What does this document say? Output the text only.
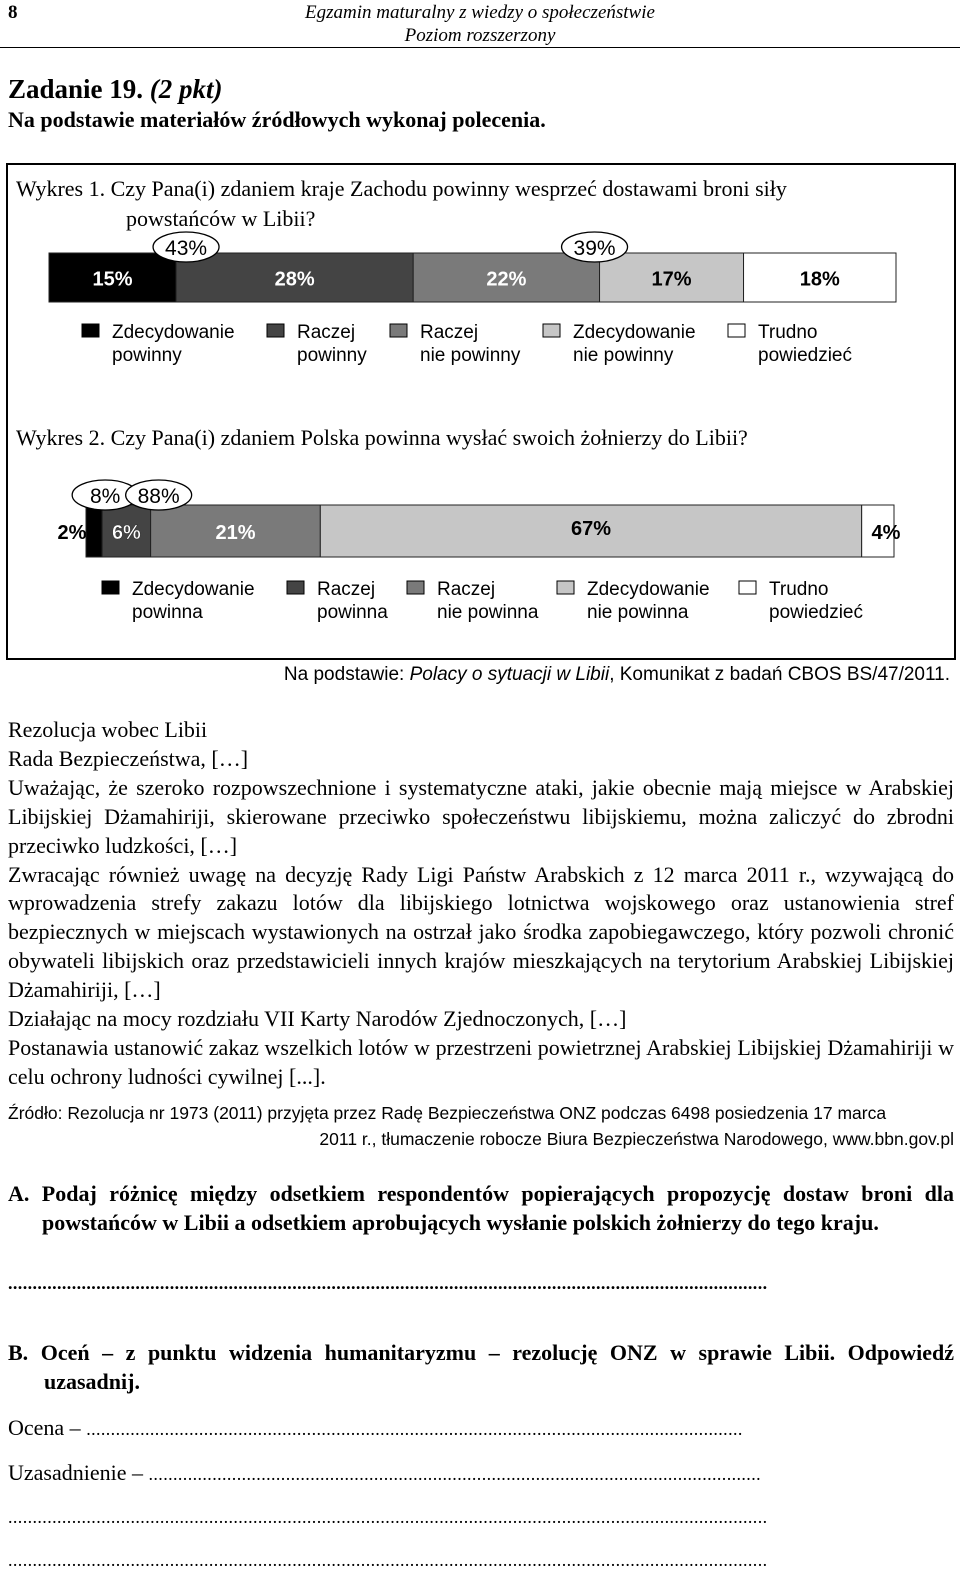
8	Egzamin maturalny z wiedzy o społeczeństwie
Poziom rozszerzony
Zadanie 19. (2 pkt)
Na podstawie materiałów źródłowych wykonaj polecenia.
Wykres 1. Czy Pana(i) zdaniem kraje Zachodu powinny wesprzeć dostawami broni siły
powstańców w Libii?
Wykres 2. Czy Pana(i) zdaniem Polska powinna wysłać swoich żołnierzy do Libii?
15%	28%	22%	17%	18%
43%	39%
Zdecydowanie
powinny
Raczej
powinny
Raczej
nie powinny
Zdecydowanie
nie powinny
Trudno
powiedzieć
2% 6%	21%	67%	4%
8% 88%
Zdecydowanie
powinna
Raczej
powinna
Raczej
nie powinna
Zdecydowanie
nie powinna
Trudno
powiedzieć
Na podstawie: Polacy o sytuacji w Libii, Komunikat z badań CBOS BS/47/2011.

Rezolucja wobec Libii

Rada Bezpieczeństwa, […]

Uważając, że szeroko rozpowszechnione i systematyczne ataki, jakie obecnie mają miejsce w Arabskiej Libijskiej Dżamahiriji, skierowane przeciwko społeczeństwu libijskiemu, można zaliczyć do zbrodni przeciwko ludzkości, […]

Zwracając również uwagę na decyzję Rady Ligi Państw Arabskich z 12 marca 2011 r., wzywającą do wprowadzenia strefy zakazu lotów dla libijskiego lotnictwa wojskowego oraz ustanowienia stref bezpiecznych w miejscach wystawionych na ostrzał jako środka zapobiegawczego, który pozwoli chronić obywateli libijskich oraz przedstawicieli innych krajów mieszkających na terytorium Arabskiej Libijskiej Dżamahiriji, […]

Działając na mocy rozdziału VII Karty Narodów Zjednoczonych, […]

Postanawia ustanowić zakaz wszelkich lotów w przestrzeni powietrznej Arabskiej Libijskiej Dżamahiriji w celu ochrony ludności cywilnej [...].

Źródło: Rezolucja nr 1973 (2011) przyjęta przez Radę Bezpieczeństwa ONZ podczas 6498 posiedzenia 17 marca
2011 r., tłumaczenie robocze Biura Bezpieczeństwa Narodowego, www.bbn.gov.pl
A. Podaj różnicę między odsetkiem respondentów popierających propozycję dostaw broni dla powstańców w Libii a odsetkiem aprobujących wysłanie polskich żołnierzy do tego kraju.
...........................................................................................................................................................
B. Oceń – z punktu widzenia humanitaryzmu – rezolucję ONZ w sprawie Libii. Odpowiedź uzasadnij.
Ocena – ......................................................................................................................................
Uzasadnienie – .............................................................................................................................
...........................................................................................................................................................
...........................................................................................................................................................
